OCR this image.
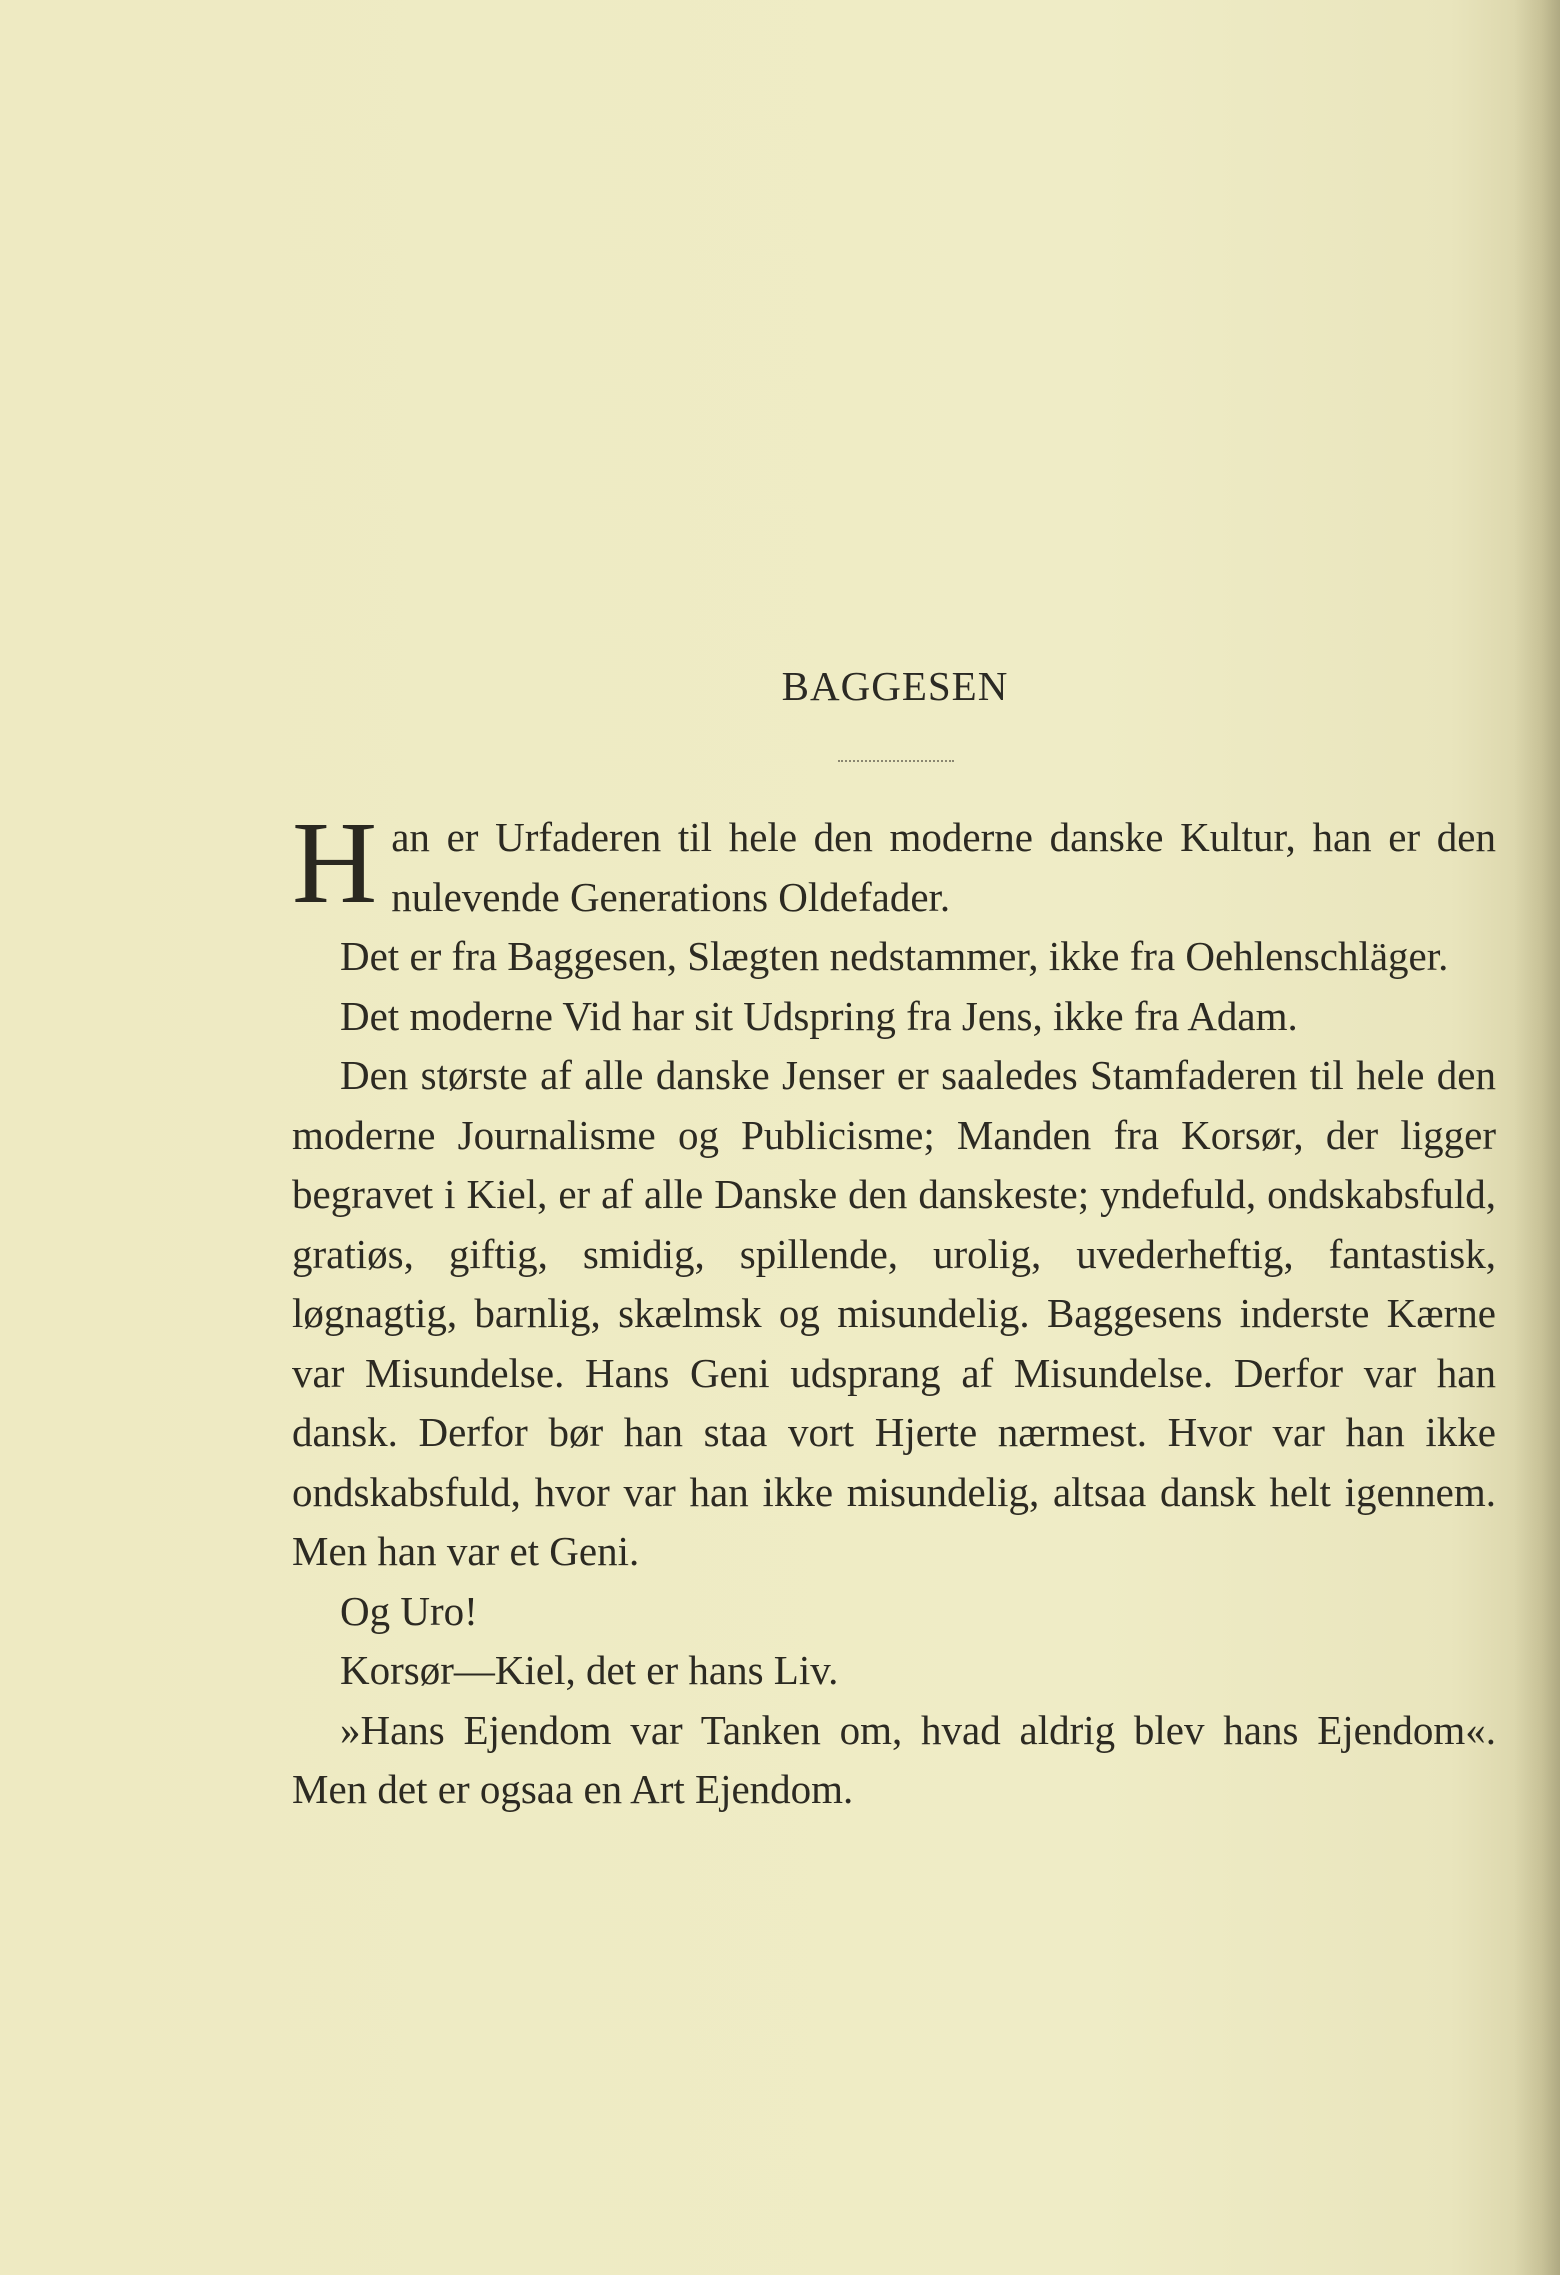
BAGGESEN

Han er Urfaderen til hele den moderne danske Kultur, han er den nulevende Generations Oldefader.

Det er fra Baggesen, Slægten nedstammer, ikke fra Oehlenschläger.

Det moderne Vid har sit Udspring fra Jens, ikke fra Adam.

Den største af alle danske Jenser er saaledes Stamfaderen til hele den moderne Journalisme og Publicisme; Manden fra Korsør, der ligger begravet i Kiel, er af alle Danske den danskeste; yndefuld, ondskabsfuld, gratiøs, giftig, smidig, spillende, urolig, uvederheftig, fantastisk, løgnagtig, barnlig, skælmsk og misundelig. Baggesens inderste Kærne var Misundelse. Hans Geni udsprang af Misundelse. Derfor var han dansk. Derfor bør han staa vort Hjerte nærmest. Hvor var han ikke ondskabsfuld, hvor var han ikke misundelig, altsaa dansk helt igennem. Men han var et Geni.

Og Uro!

Korsør—Kiel, det er hans Liv.

»Hans Ejendom var Tanken om, hvad aldrig blev hans Ejendom«. Men det er ogsaa en Art Ejendom.
